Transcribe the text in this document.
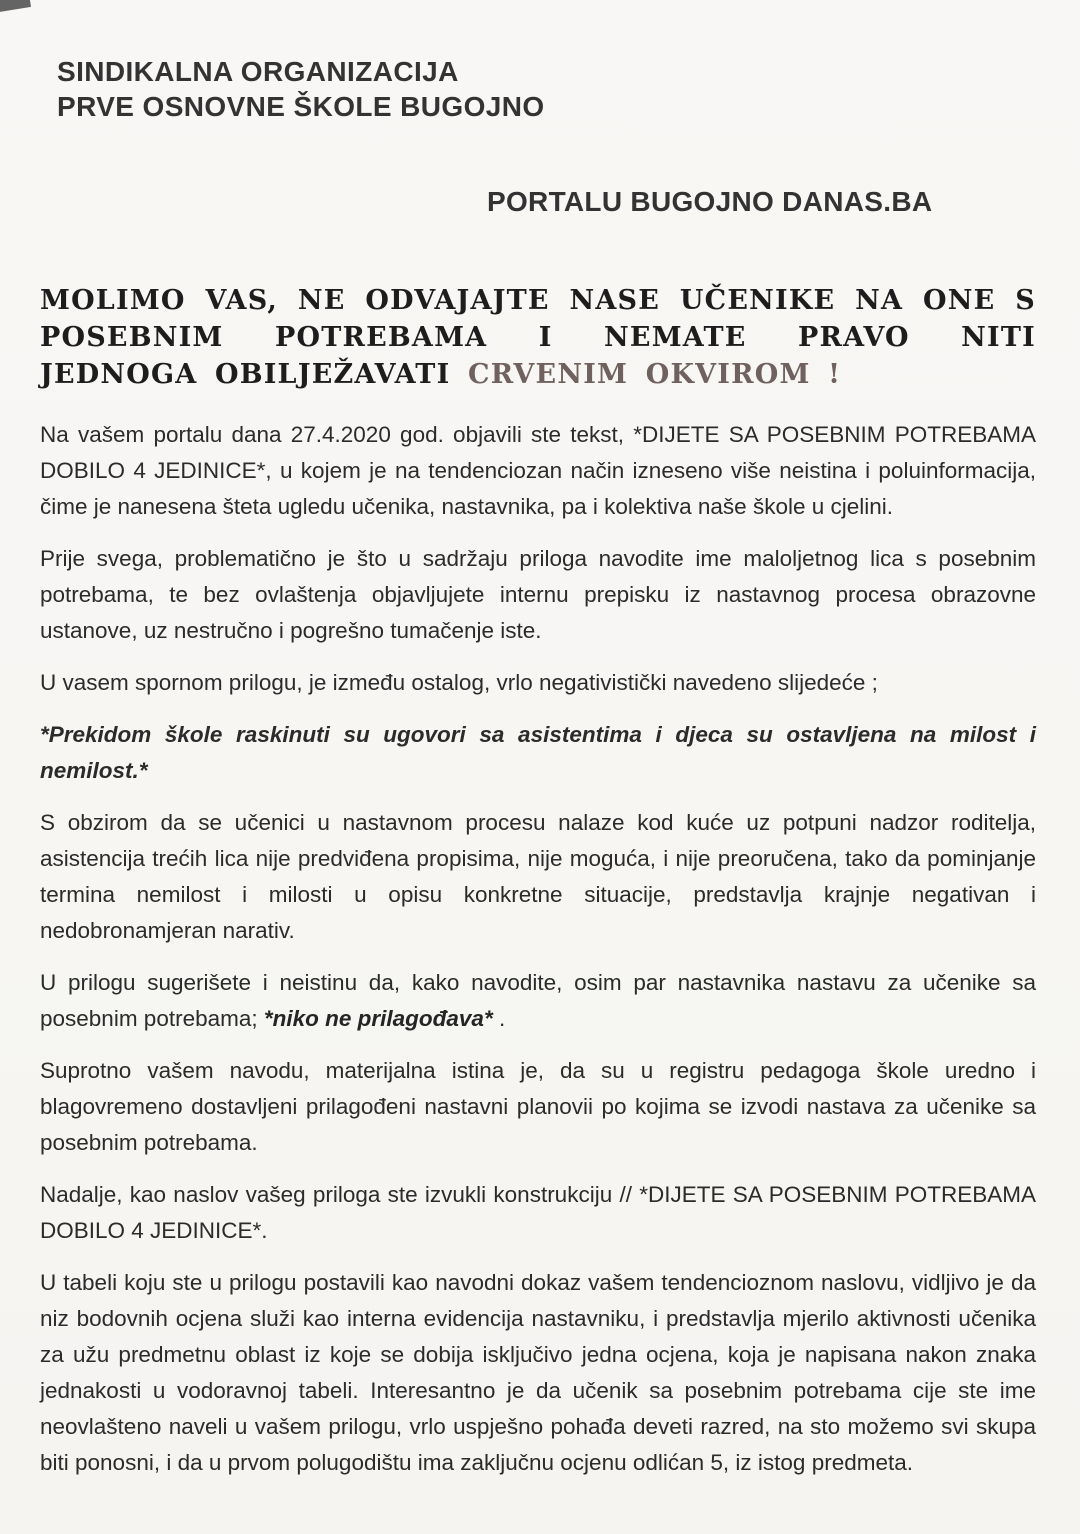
SINDIKALNA ORGANIZACIJA
PRVE OSNOVNE ŠKOLE BUGOJNO
PORTALU BUGOJNO DANAS.BA
MOLIMO VAS, NE ODVAJAJTE NASE UČENIKE NA ONE S POSEBNIM POTREBAMA I NEMATE PRAVO NITI JEDNOGA OBILJEŽAVATI CRVENIM OKVIROM !

Na vašem portalu dana 27.4.2020 god. objavili ste tekst, *DIJETE SA POSEBNIM POTREBAMA DOBILO 4 JEDINICE*, u kojem je na tendenciozan način izneseno više neistina i poluinformacija, čime je nanesena šteta ugledu učenika, nastavnika, pa i kolektiva naše škole u cjelini.

Prije svega, problematično je što u sadržaju priloga navodite ime maloljetnog lica s posebnim potrebama, te bez ovlaštenja objavljujete internu prepisku iz nastavnog procesa obrazovne ustanove, uz nestručno i pogrešno tumačenje iste.

U vasem spornom prilogu, je između ostalog, vrlo negativistički navedeno slijedeće ;

*Prekidom škole raskinuti su ugovori sa asistentima i djeca su ostavljena na milost i nemilost.*

S obzirom da se učenici u nastavnom procesu nalaze kod kuće uz potpuni nadzor roditelja, asistencija trećih lica nije predviđena propisima, nije moguća, i nije preoručena, tako da pominjanje termina nemilost i milosti u opisu konkretne situacije, predstavlja krajnje negativan i nedobronamjeran narativ.

U prilogu sugerišete i neistinu da, kako navodite, osim par nastavnika nastavu za učenike sa posebnim potrebama; *niko ne prilagođava* .

Suprotno vašem navodu, materijalna istina je, da su u registru pedagoga škole uredno i blagovremeno dostavljeni prilagođeni nastavni planovii po kojima se izvodi nastava za učenike sa posebnim potrebama.

Nadalje, kao naslov vašeg priloga ste izvukli konstrukciju // *DIJETE SA POSEBNIM POTREBAMA DOBILO 4 JEDINICE*.

U tabeli koju ste u prilogu postavili kao navodni dokaz vašem tendencioznom naslovu, vidljivo je da niz bodovnih ocjena služi kao interna evidencija nastavniku, i predstavlja mjerilo aktivnosti učenika za užu predmetnu oblast iz koje se dobija isključivo jedna ocjena, koja je napisana nakon znaka jednakosti u vodoravnoj tabeli. Interesantno je da učenik sa posebnim potrebama cije ste ime neovlašteno naveli u vašem prilogu, vrlo uspješno pohađa deveti razred, na sto možemo svi skupa biti ponosni, i da u prvom polugodištu ima zaključnu ocjenu odlićan 5, iz istog predmeta.
